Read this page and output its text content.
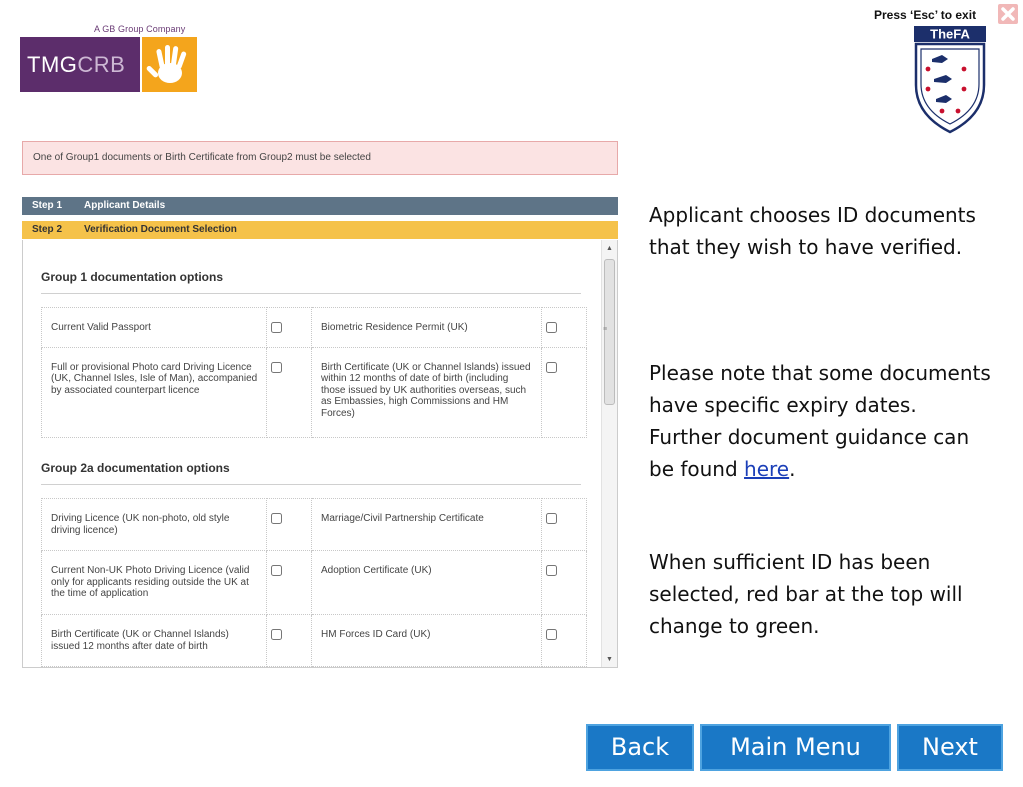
A GB Group Company
TMGCRB
Press ‘Esc’ to exit
TheFA
One of Group1 documents or Birth Certificate from Group2 must be selected
Step 1 Applicant Details
Step 2 Verification Document Selection
Group 1 documentation options
Current Valid Passport		Biometric Residence Permit (UK)	
Full or provisional Photo card Driving Licence (UK, Channel Isles, Isle of Man), accompanied by associated counterpart licence		Birth Certificate (UK or Channel Islands) issued within 12 months of date of birth (including those issued by UK authorities overseas, such as Embassies, high Commissions and HM Forces)	
Group 2a documentation options
Driving Licence (UK non-photo, old style driving licence)		Marriage/Civil Partnership Certificate	
Current Non-UK Photo Driving Licence (valid only for applicants residing outside the UK at the time of application		Adoption Certificate (UK)	
Birth Certificate (UK or Channel Islands) issued 12 months after date of birth		HM Forces ID Card (UK)	
▲
≡
▼
Applicant chooses ID documents that they wish to have verified.
Please note that some documents have specific expiry dates. Further document guidance can be found here.
When sufficient ID has been selected, red bar at the top will change to green.
Back	Main Menu	Next
